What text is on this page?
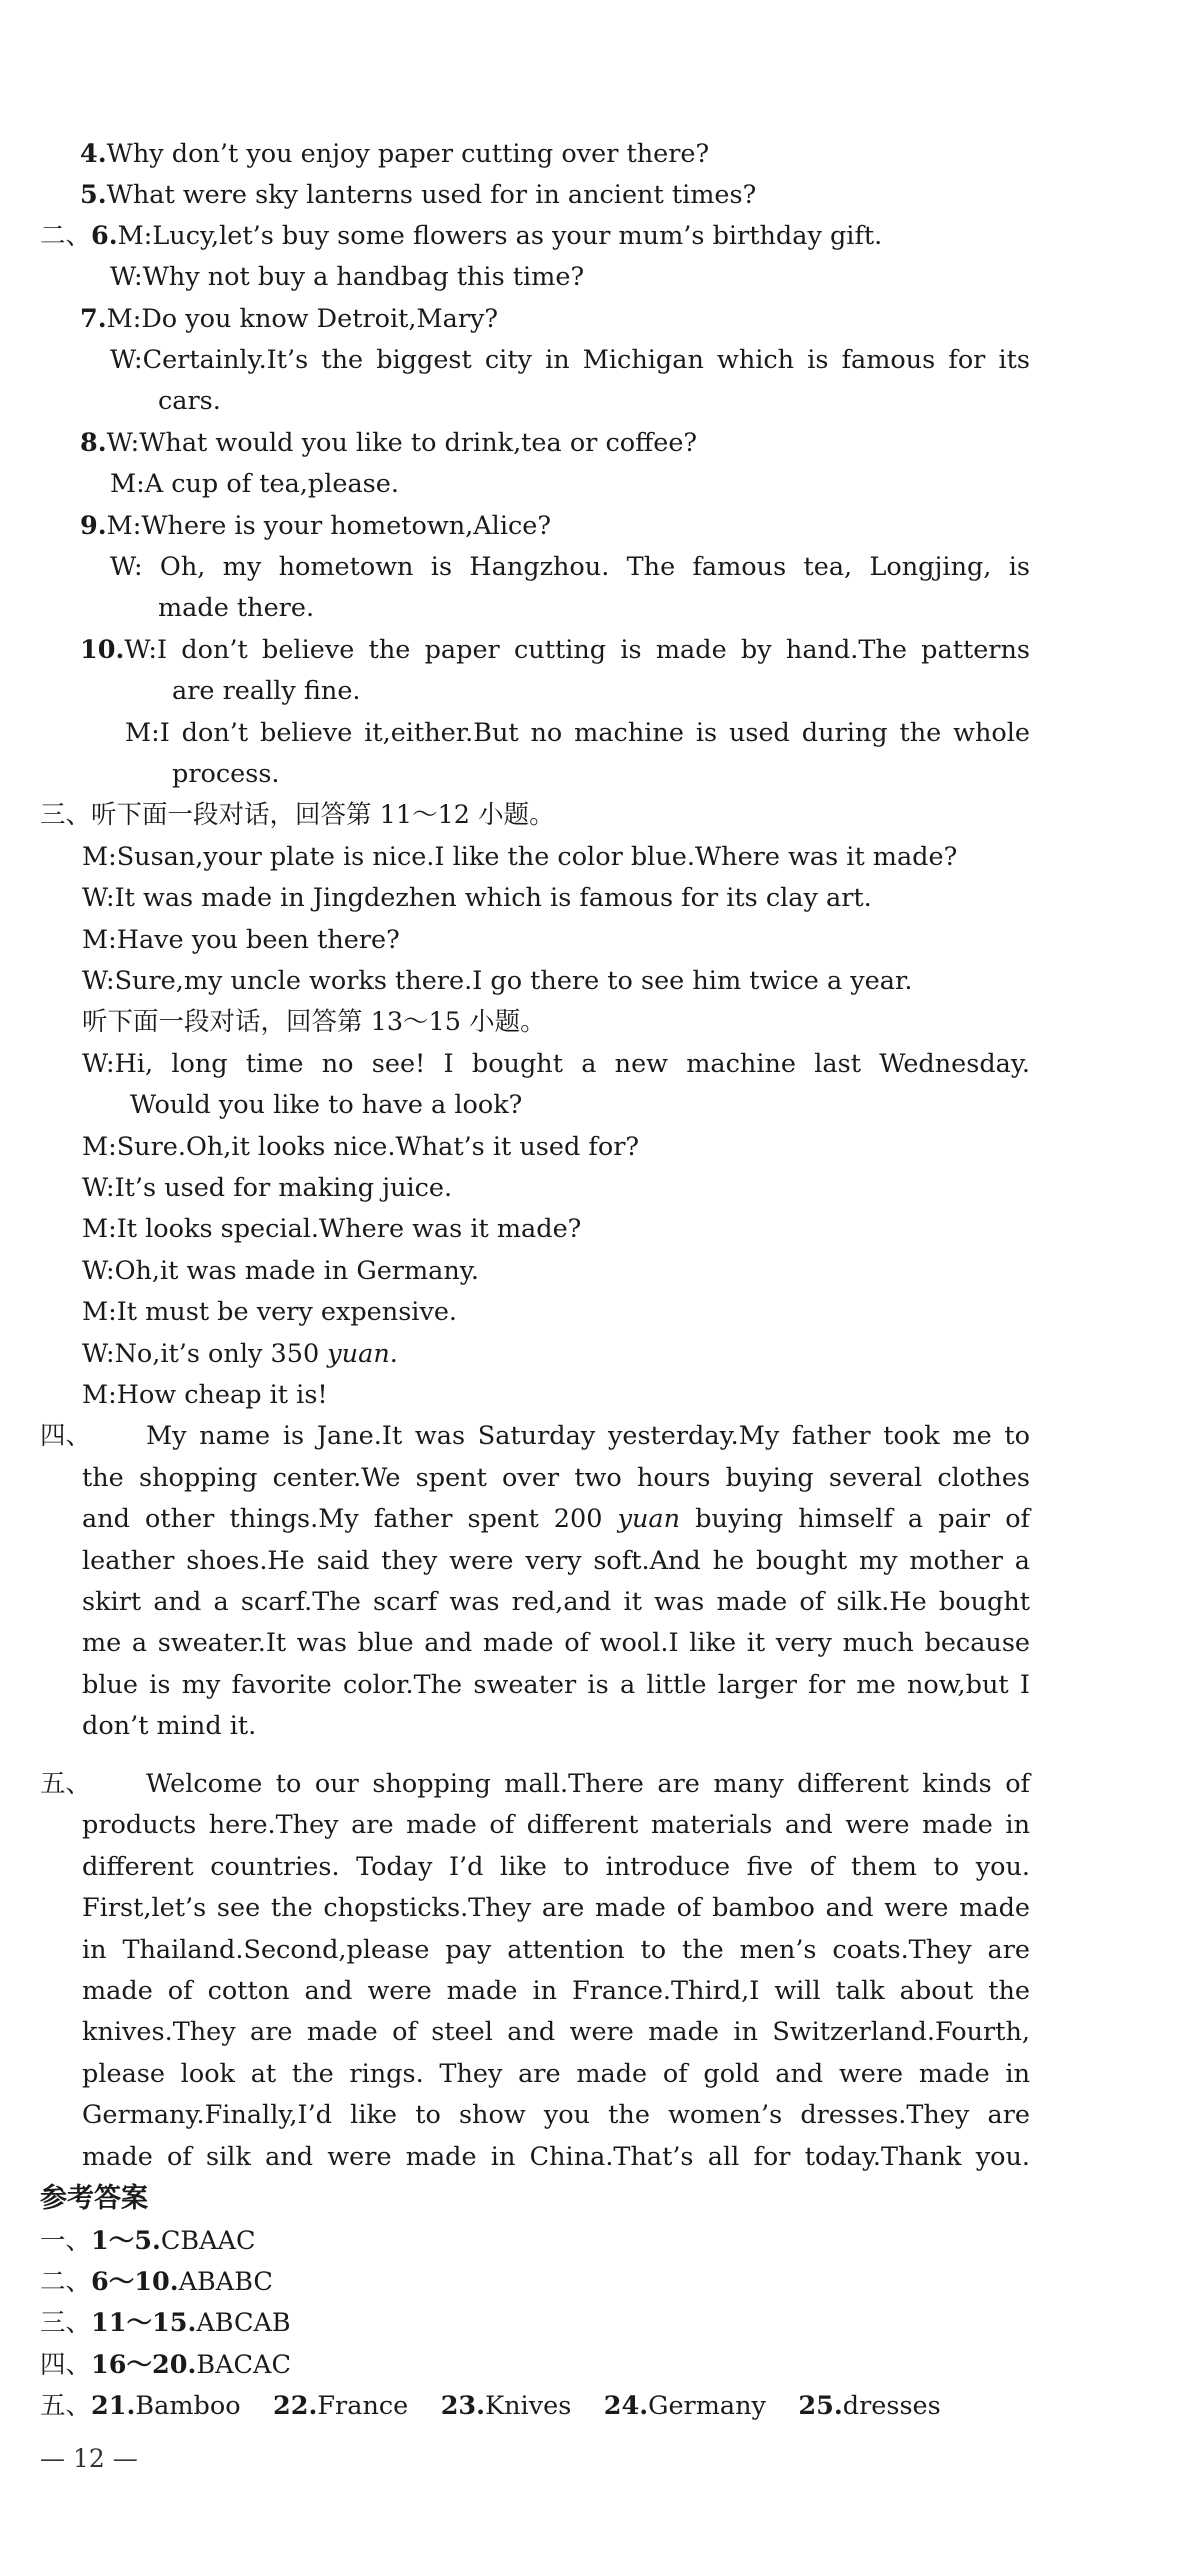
4.Why don’t you enjoy paper cutting over there?
5.What were sky lanterns used for in ancient times?
二、6.M:Lucy,let’s buy some flowers as your mum’s birthday gift.
W:Why not buy a handbag this time?
7.M:Do you know Detroit,Mary?
W:Certainly.It’s the biggest city in Michigan which is famous for its
cars.
8.W:What would you like to drink,tea or coffee?
M:A cup of tea,please.
9.M:Where is your hometown,Alice?
W: Oh, my hometown is Hangzhou. The famous tea, Longjing, is
made there.
10.W:I don’t believe the paper cutting is made by hand.The patterns
are really fine.
M:I don’t believe it,either.But no machine is used during the whole
process.
三、听下面一段对话，回答第 11～12 小题。
M:Susan,your plate is nice.I like the color blue.Where was it made?
W:It was made in Jingdezhen which is famous for its clay art.
M:Have you been there?
W:Sure,my uncle works there.I go there to see him twice a year.
听下面一段对话，回答第 13～15 小题。
W:Hi, long time no see! I bought a new machine last Wednesday.
Would you like to have a look?
M:Sure.Oh,it looks nice.What’s it used for?
W:It’s used for making juice.
M:It looks special.Where was it made?
W:Oh,it was made in Germany.
M:It must be very expensive.
W:No,it’s only 350 yuan.
M:How cheap it is!
四、 My name is Jane.It was Saturday yesterday.My father took me to
the shopping center.We spent over two hours buying several clothes
and other things.My father spent 200 yuan buying himself a pair of
leather shoes.He said they were very soft.And he bought my mother a
skirt and a scarf.The scarf was red,and it was made of silk.He bought
me a sweater.It was blue and made of wool.I like it very much because
blue is my favorite color.The sweater is a little larger for me now,but I
don’t mind it.
五、 Welcome to our shopping mall.There are many different kinds of
products here.They are made of different materials and were made in
different countries. Today I’d like to introduce five of them to you.
First,let’s see the chopsticks.They are made of bamboo and were made
in Thailand.Second,please pay attention to the men’s coats.They are
made of cotton and were made in France.Third,I will talk about the
knives.They are made of steel and were made in Switzerland.Fourth,
please look at the rings. They are made of gold and were made in
Germany.Finally,I’d like to show you the women’s dresses.They are
made of silk and were made in China.That’s all for today.Thank you.
参考答案
一、1～5.CBAAC
二、6～10.ABABC
三、11～15.ABCAB
四、16～20.BACAC
五、21.Bamboo 22.France 23.Knives 24.Germany 25.dresses
— 12 —
